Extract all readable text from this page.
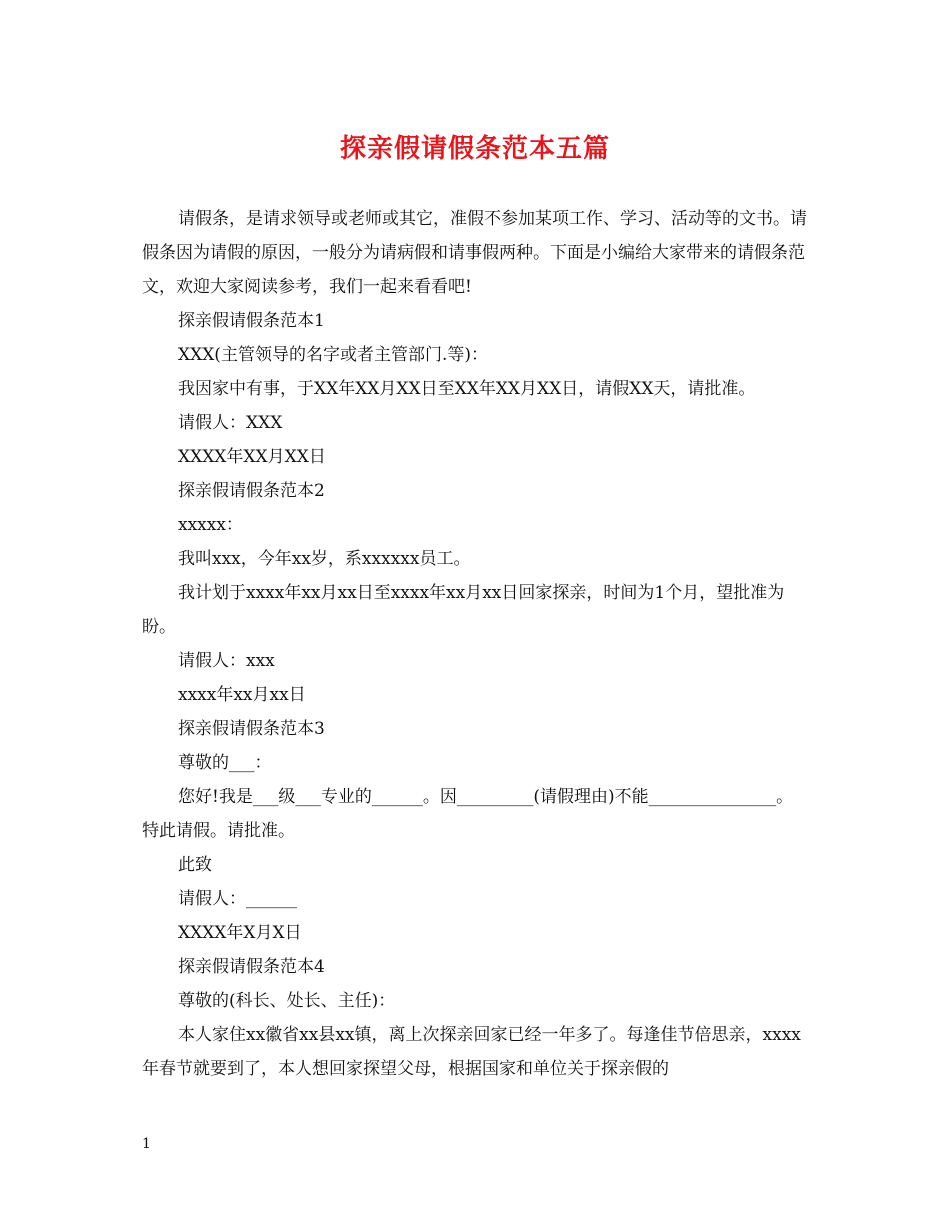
探亲假请假条范本五篇

请假条，是请求领导或老师或其它，准假不参加某项工作、学习、活动等的文书。请假条因为请假的原因，一般分为请病假和请事假两种。下面是小编给大家带来的请假条范文，欢迎大家阅读参考，我们一起来看看吧!

探亲假请假条范本1

XXX(主管领导的名字或者主管部门.等)：

我因家中有事，于XX年XX月XX日至XX年XX月XX日，请假XX天，请批准。

请假人：XXX

XXXX年XX月XX日

探亲假请假条范本2

xxxxx：

我叫xxx，今年xx岁，系xxxxxx员工。

我计划于xxxx年xx月xx日至xxxx年xx月xx日回家探亲，时间为1个月，望批准为盼。

请假人：xxx

xxxx年xx月xx日

探亲假请假条范本3

尊敬的___：

您好!我是___级___专业的______。因_________(请假理由)不能_______________。特此请假。请批准。

此致

请假人：______

XXXX年X月X日

探亲假请假条范本4

尊敬的(科长、处长、主任)：

本人家住xx徽省xx县xx镇，离上次探亲回家已经一年多了。每逢佳节倍思亲，xxxx年春节就要到了，本人想回家探望父母，根据国家和单位关于探亲假的

1
